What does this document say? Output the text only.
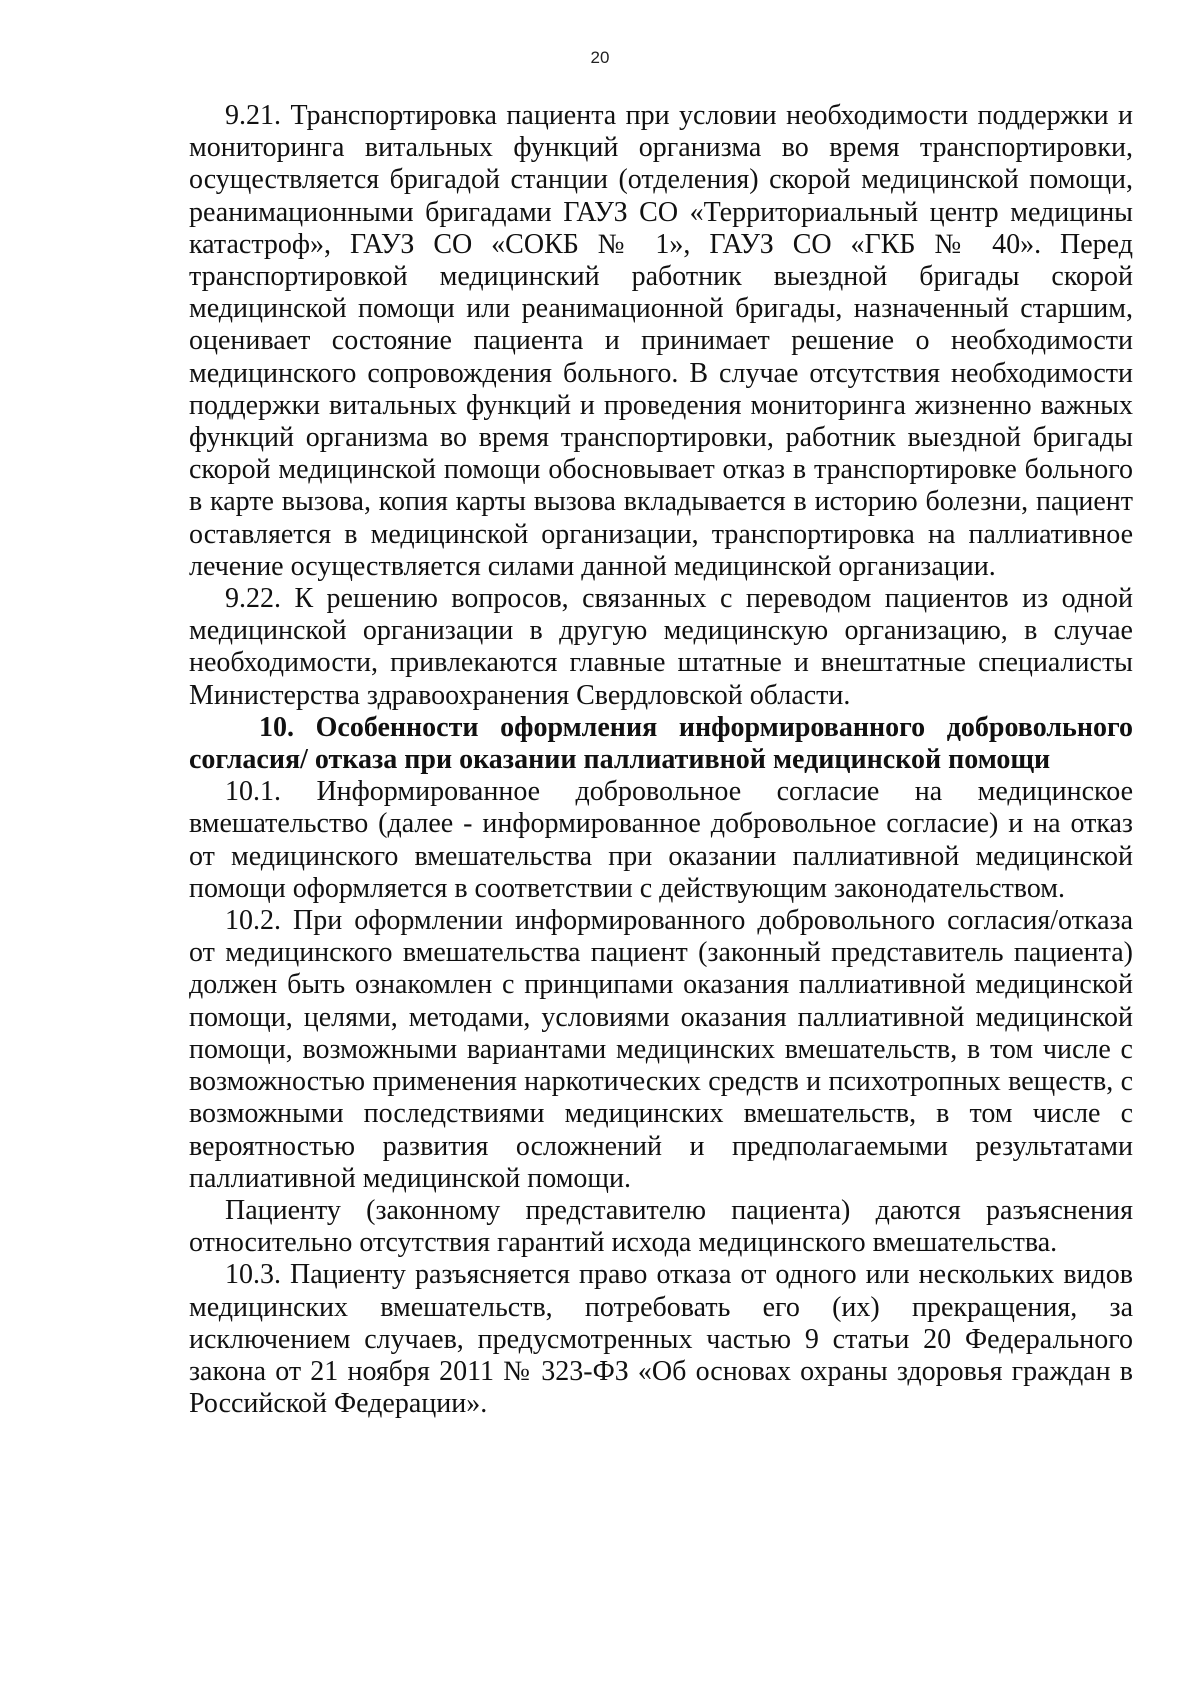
20

9.21. Транспортировка пациента при условии необходимости поддержки и мониторинга витальных функций организма во время транспортировки, осуществляется бригадой станции (отделения) скорой медицинской помощи, реанимационными бригадами ГАУЗ СО «Территориальный центр медицины катастроф», ГАУЗ СО «СОКБ № 1», ГАУЗ СО «ГКБ № 40». Перед транспортировкой медицинский работник выездной бригады скорой медицинской помощи или реанимационной бригады, назначенный старшим, оценивает состояние пациента и принимает решение о необходимости медицинского сопровождения больного. В случае отсутствия необходимости поддержки витальных функций и проведения мониторинга жизненно важных функций организма во время транспортировки, работник выездной бригады скорой медицинской помощи обосновывает отказ в транспортировке больного в карте вызова, копия карты вызова вкладывается в историю болезни, пациент оставляется в медицинской организации, транспортировка на паллиативное лечение осуществляется силами данной медицинской организации.

9.22. К решению вопросов, связанных с переводом пациентов из одной медицинской организации в другую медицинскую организацию, в случае необходимости, привлекаются главные штатные и внештатные специалисты Министерства здравоохранения Свердловской области.

10. Особенности оформления информированного добровольного согласия/ отказа при оказании паллиативной медицинской помощи

10.1. Информированное добровольное согласие на медицинское вмешательство (далее - информированное добровольное согласие) и на отказ от медицинского вмешательства при оказании паллиативной медицинской помощи оформляется в соответствии с действующим законодательством.

10.2. При оформлении информированного добровольного согласия/отказа от медицинского вмешательства пациент (законный представитель пациента) должен быть ознакомлен с принципами оказания паллиативной медицинской помощи, целями, методами, условиями оказания паллиативной медицинской помощи, возможными вариантами медицинских вмешательств, в том числе с возможностью применения наркотических средств и психотропных веществ, с возможными последствиями медицинских вмешательств, в том числе с вероятностью развития осложнений и предполагаемыми результатами паллиативной медицинской помощи.

Пациенту (законному представителю пациента) даются разъяснения относительно отсутствия гарантий исхода медицинского вмешательства.

10.3. Пациенту разъясняется право отказа от одного или нескольких видов медицинских вмешательств, потребовать его (их) прекращения, за исключением случаев, предусмотренных частью 9 статьи 20 Федерального закона от 21 ноября 2011 № 323-ФЗ «Об основах охраны здоровья граждан в Российской Федерации».
